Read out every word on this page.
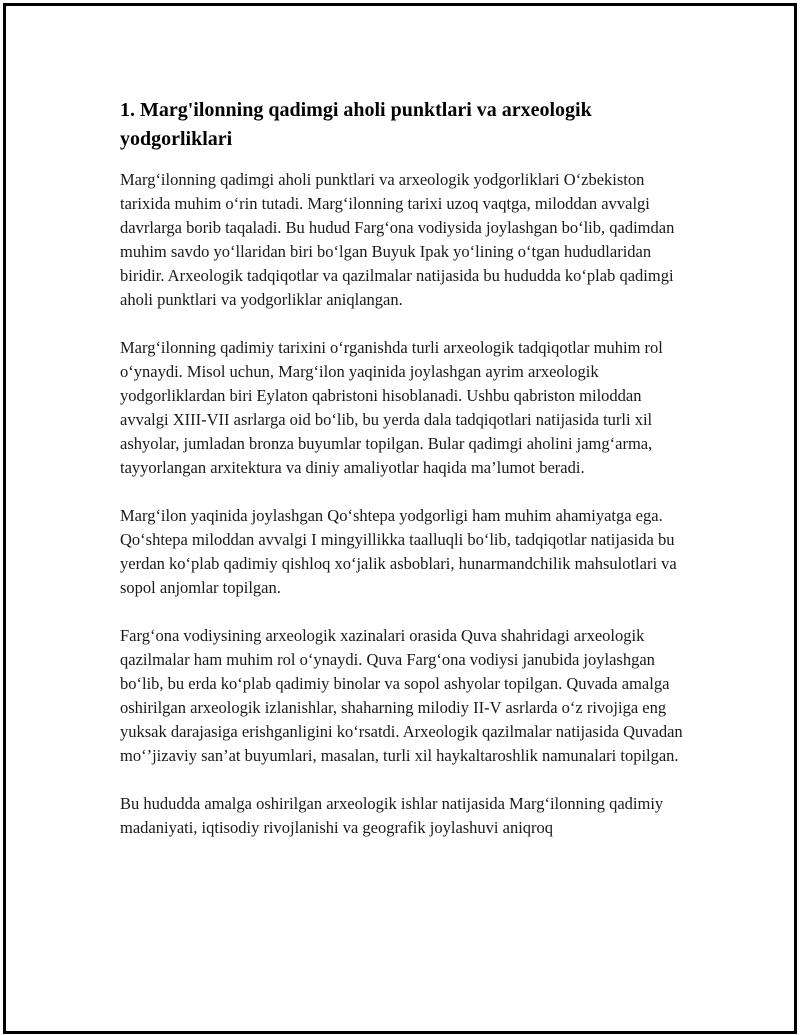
1. Marg'ilonning qadimgi aholi punktlari va arxeologik yodgorliklari

Marg‘ilonning qadimgi aholi punktlari va arxeologik yodgorliklari O‘zbekiston tarixida muhim o‘rin tutadi. Marg‘ilonning tarixi uzoq vaqtga, miloddan avvalgi davrlarga borib taqaladi. Bu hudud Farg‘ona vodiysida joylashgan bo‘lib, qadimdan muhim savdo yo‘llaridan biri bo‘lgan Buyuk Ipak yo‘lining o‘tgan hududlaridan biridir. Arxeologik tadqiqotlar va qazilmalar natijasida bu hududda ko‘plab qadimgi aholi punktlari va yodgorliklar aniqlangan.

Marg‘ilonning qadimiy tarixini o‘rganishda turli arxeologik tadqiqotlar muhim rol o‘ynaydi. Misol uchun, Marg‘ilon yaqinida joylashgan ayrim arxeologik yodgorliklardan biri Eylaton qabristoni hisoblanadi. Ushbu qabriston miloddan avvalgi XIII-VII asrlarga oid bo‘lib, bu yerda dala tadqiqotlari natijasida turli xil ashyolar, jumladan bronza buyumlar topilgan. Bular qadimgi aholini jamg‘arma, tayyorlangan arxitektura va diniy amaliyotlar haqida ma’lumot beradi.

Marg‘ilon yaqinida joylashgan Qo‘shtepa yodgorligi ham muhim ahamiyatga ega. Qo‘shtepa miloddan avvalgi I mingyillikka taalluqli bo‘lib, tadqiqotlar natijasida bu yerdan ko‘plab qadimiy qishloq xo‘jalik asboblari, hunarmandchilik mahsulotlari va sopol anjomlar topilgan.

Farg‘ona vodiysining arxeologik xazinalari orasida Quva shahridagi arxeologik qazilmalar ham muhim rol o‘ynaydi. Quva Farg‘ona vodiysi janubida joylashgan bo‘lib, bu erda ko‘plab qadimiy binolar va sopol ashyolar topilgan. Quvada amalga oshirilgan arxeologik izlanishlar, shaharning milodiy II-V asrlarda o‘z rivojiga eng yuksak darajasiga erishganligini ko‘rsatdi. Arxeologik qazilmalar natijasida Quvadan mo‘’jizaviy san’at buyumlari, masalan, turli xil haykaltaroshlik namunalari topilgan.

Bu hududda amalga oshirilgan arxeologik ishlar natijasida Marg‘ilonning qadimiy madaniyati, iqtisodiy rivojlanishi va geografik joylashuvi aniqroq
